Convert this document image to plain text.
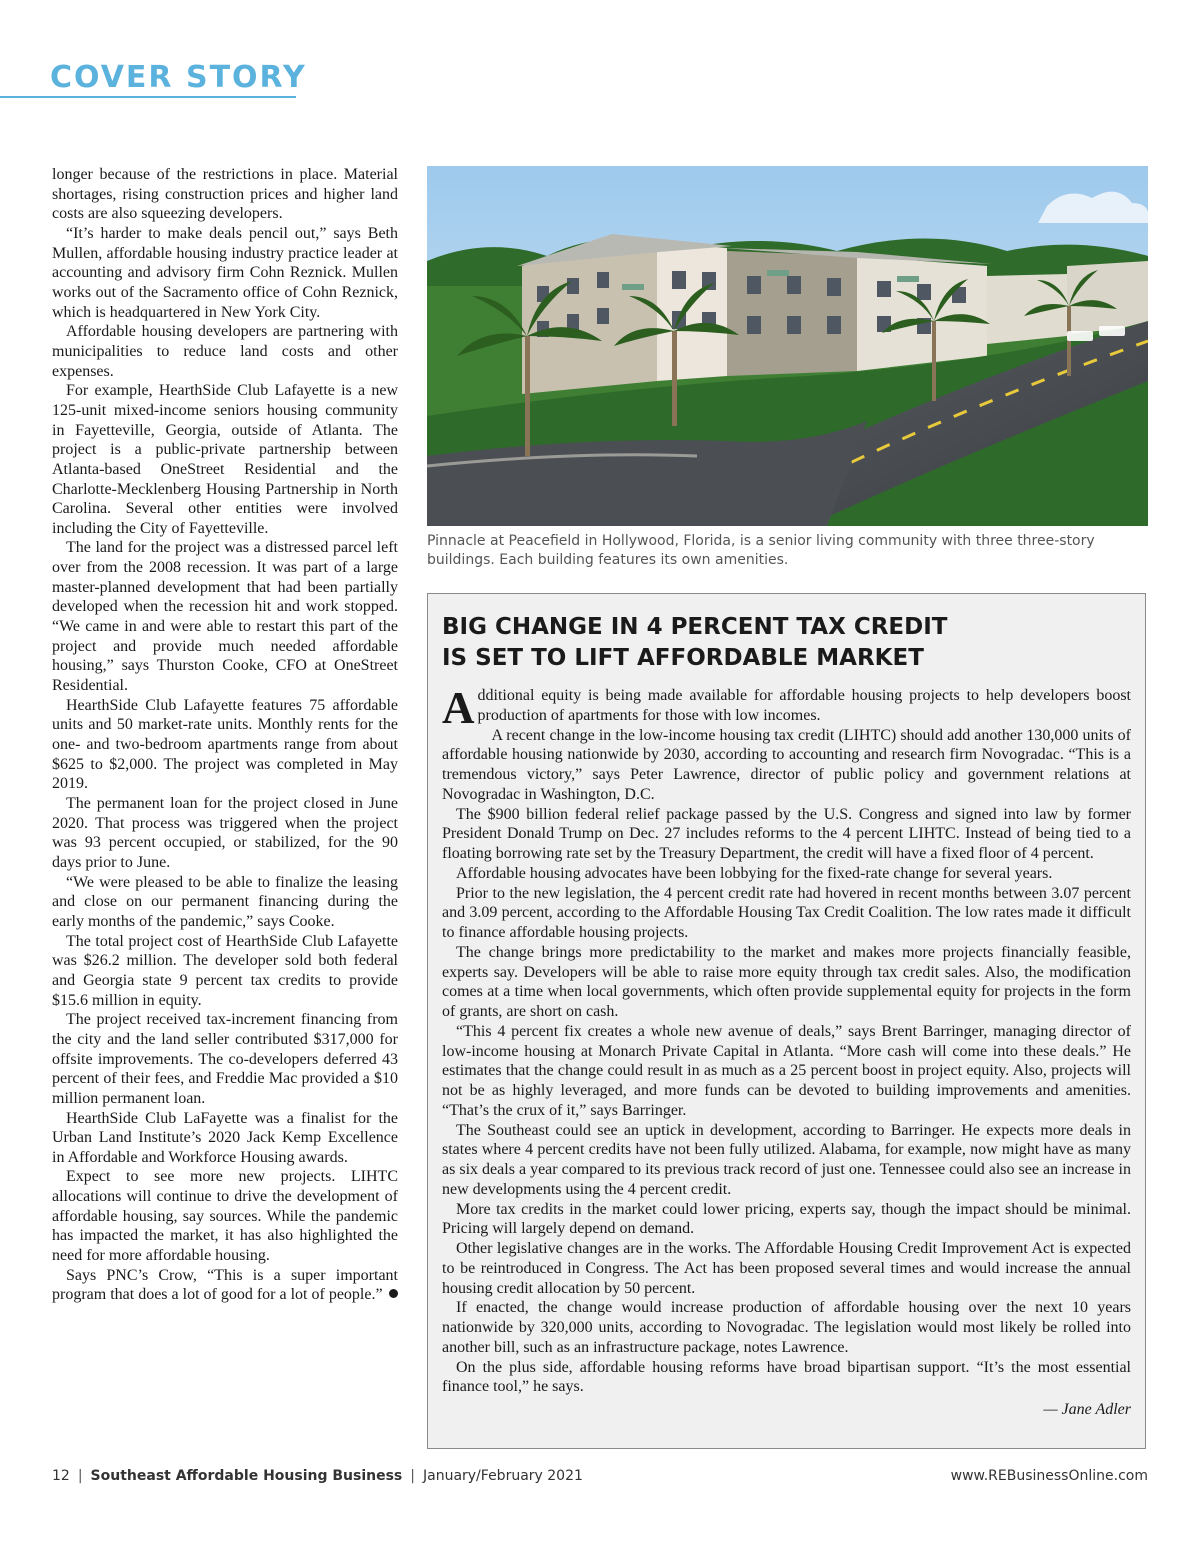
COVER STORY

longer because of the restrictions in place. Material shortages, rising construction prices and higher land costs are also squeezing developers.

“It’s harder to make deals pencil out,” says Beth Mullen, affordable housing industry practice leader at accounting and advisory firm Cohn Reznick. Mullen works out of the Sacramento office of Cohn Reznick, which is headquartered in New York City.

Affordable housing developers are partnering with municipalities to reduce land costs and other expenses.

For example, HearthSide Club Lafayette is a new 125-unit mixed-income seniors housing community in Fayetteville, Georgia, outside of Atlanta. The project is a public-private partnership between Atlanta-based OneStreet Residential and the Charlotte-Mecklenberg Housing Partnership in North Carolina. Several other entities were involved including the City of Fayetteville.

The land for the project was a distressed parcel left over from the 2008 recession. It was part of a large master-planned development that had been partially developed when the recession hit and work stopped. “We came in and were able to restart this part of the project and provide much needed affordable housing,” says Thurston Cooke, CFO at OneStreet Residential.

HearthSide Club Lafayette features 75 affordable units and 50 market-rate units. Monthly rents for the one- and two-bedroom apartments range from about $625 to $2,000. The project was completed in May 2019.

The permanent loan for the project closed in June 2020. That process was triggered when the project was 93 percent occupied, or stabilized, for the 90 days prior to June.

“We were pleased to be able to finalize the leasing and close on our permanent financing during the early months of the pandemic,” says Cooke.

The total project cost of HearthSide Club Lafayette was $26.2 million. The developer sold both federal and Georgia state 9 percent tax credits to provide $15.6 million in equity.

The project received tax-increment financing from the city and the land seller contributed $317,000 for offsite improvements. The co-developers deferred 43 percent of their fees, and Freddie Mac provided a $10 million permanent loan.

HearthSide Club LaFayette was a finalist for the Urban Land Institute’s 2020 Jack Kemp Excellence in Affordable and Workforce Housing awards.

Expect to see more new projects. LIHTC allocations will continue to drive the development of affordable housing, say sources. While the pandemic has impacted the market, it has also highlighted the need for more affordable housing.

Says PNC’s Crow, “This is a super important program that does a lot of good for a lot of people.”

Pinnacle at Peacefield in Hollywood, Florida, is a senior living community with three three-story buildings. Each building features its own amenities.
BIG CHANGE IN 4 PERCENT TAX CREDIT
IS SET TO LIFT AFFORDABLE MARKET

Additional equity is being made available for affordable housing projects to help developers boost production of apartments for those with low incomes.

A recent change in the low-income housing tax credit (LIHTC) should add another 130,000 units of affordable housing nationwide by 2030, according to accounting and research firm Novogradac. “This is a tremendous victory,” says Peter Lawrence, director of public policy and government relations at Novogradac in Washington, D.C.

The $900 billion federal relief package passed by the U.S. Congress and signed into law by former President Donald Trump on Dec. 27 includes reforms to the 4 percent LIHTC. Instead of being tied to a floating borrowing rate set by the Treasury Department, the credit will have a fixed floor of 4 percent.

Affordable housing advocates have been lobbying for the fixed-rate change for several years.

Prior to the new legislation, the 4 percent credit rate had hovered in recent months between 3.07 percent and 3.09 percent, according to the Affordable Housing Tax Credit Coalition. The low rates made it difficult to finance affordable housing projects.

The change brings more predictability to the market and makes more projects financially feasible, experts say. Developers will be able to raise more equity through tax credit sales. Also, the modification comes at a time when local governments, which often provide supplemental equity for projects in the form of grants, are short on cash.

“This 4 percent fix creates a whole new avenue of deals,” says Brent Barringer, managing director of low-income housing at Monarch Private Capital in Atlanta. “More cash will come into these deals.” He estimates that the change could result in as much as a 25 percent boost in project equity. Also, projects will not be as highly leveraged, and more funds can be devoted to building improvements and amenities. “That’s the crux of it,” says Barringer.

The Southeast could see an uptick in development, according to Barringer. He expects more deals in states where 4 percent credits have not been fully utilized. Alabama, for example, now might have as many as six deals a year compared to its previous track record of just one. Tennessee could also see an increase in new developments using the 4 percent credit.

More tax credits in the market could lower pricing, experts say, though the impact should be minimal. Pricing will largely depend on demand.

Other legislative changes are in the works. The Affordable Housing Credit Improvement Act is expected to be reintroduced in Congress. The Act has been proposed several times and would increase the annual housing credit allocation by 50 percent.

If enacted, the change would increase production of affordable housing over the next 10 years nationwide by 320,000 units, according to Novogradac. The legislation would most likely be rolled into another bill, such as an infrastructure package, notes Lawrence.

On the plus side, affordable housing reforms have broad bipartisan support. “It’s the most essential finance tool,” he says.

— Jane Adler
12 | Southeast Affordable Housing Business | January/February 2021	www.REBusinessOnline.com
